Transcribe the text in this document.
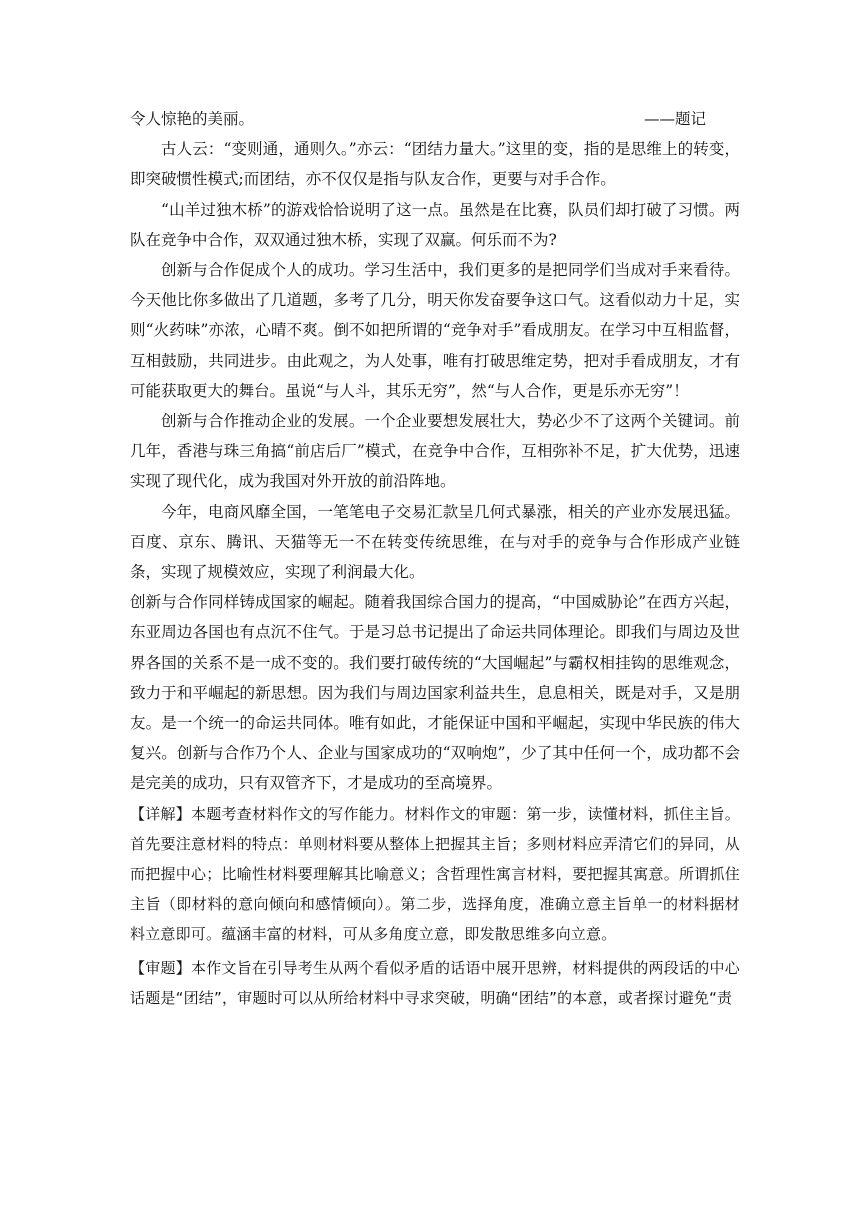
令人惊艳的美丽。	——题记

古人云：“变则通，通则久。”亦云：“团结力量大。”这里的变，指的是思维上的转变，即突破惯性模式;而团结，亦不仅仅是指与队友合作，更要与对手合作。

“山羊过独木桥”的游戏恰恰说明了这一点。虽然是在比赛，队员们却打破了习惯。两队在竞争中合作，双双通过独木桥，实现了双赢。何乐而不为?

创新与合作促成个人的成功。学习生活中，我们更多的是把同学们当成对手来看待。今天他比你多做出了几道题，多考了几分，明天你发奋要争这口气。这看似动力十足，实则“火药味”亦浓，心晴不爽。倒不如把所谓的“竞争对手”看成朋友。在学习中互相监督，互相鼓励，共同进步。由此观之，为人处事，唯有打破思维定势，把对手看成朋友，才有可能获取更大的舞台。虽说“与人斗，其乐无穷”，然“与人合作，更是乐亦无穷”！

创新与合作推动企业的发展。一个企业要想发展壮大，势必少不了这两个关键词。前几年，香港与珠三角搞“前店后厂”模式，在竞争中合作，互相弥补不足，扩大优势，迅速实现了现代化，成为我国对外开放的前沿阵地。

今年，电商风靡全国，一笔笔电子交易汇款呈几何式暴涨，相关的产业亦发展迅猛。百度、京东、腾讯、天猫等无一不在转变传统思维，在与对手的竞争与合作形成产业链条，实现了规模效应，实现了利润最大化。

创新与合作同样铸成国家的崛起。随着我国综合国力的提高，“中国威胁论”在西方兴起，东亚周边各国也有点沉不住气。于是习总书记提出了命运共同体理论。即我们与周边及世界各国的关系不是一成不变的。我们要打破传统的“大国崛起”与霸权相挂钩的思维观念，致力于和平崛起的新思想。因为我们与周边国家利益共生，息息相关，既是对手，又是朋友。是一个统一的命运共同体。唯有如此，才能保证中国和平崛起，实现中华民族的伟大复兴。创新与合作乃个人、企业与国家成功的“双响炮”，少了其中任何一个，成功都不会是完美的成功，只有双管齐下，才是成功的至高境界。

【详解】本题考查材料作文的写作能力。材料作文的审题：第一步，读懂材料，抓住主旨。首先要注意材料的特点：单则材料要从整体上把握其主旨；多则材料应弄清它们的异同，从而把握中心；比喻性材料要理解其比喻意义；含哲理性寓言材料，要把握其寓意。所谓抓住主旨（即材料的意向倾向和感情倾向）。第二步，选择角度，准确立意主旨单一的材料据材料立意即可。蕴涵丰富的材料，可从多角度立意，即发散思维多向立意。

【审题】本作文旨在引导考生从两个看似矛盾的话语中展开思辨，材料提供的两段话的中心话题是“团结”，审题时可以从所给材料中寻求突破，明确“团结”的本意，或者探讨避免“责
